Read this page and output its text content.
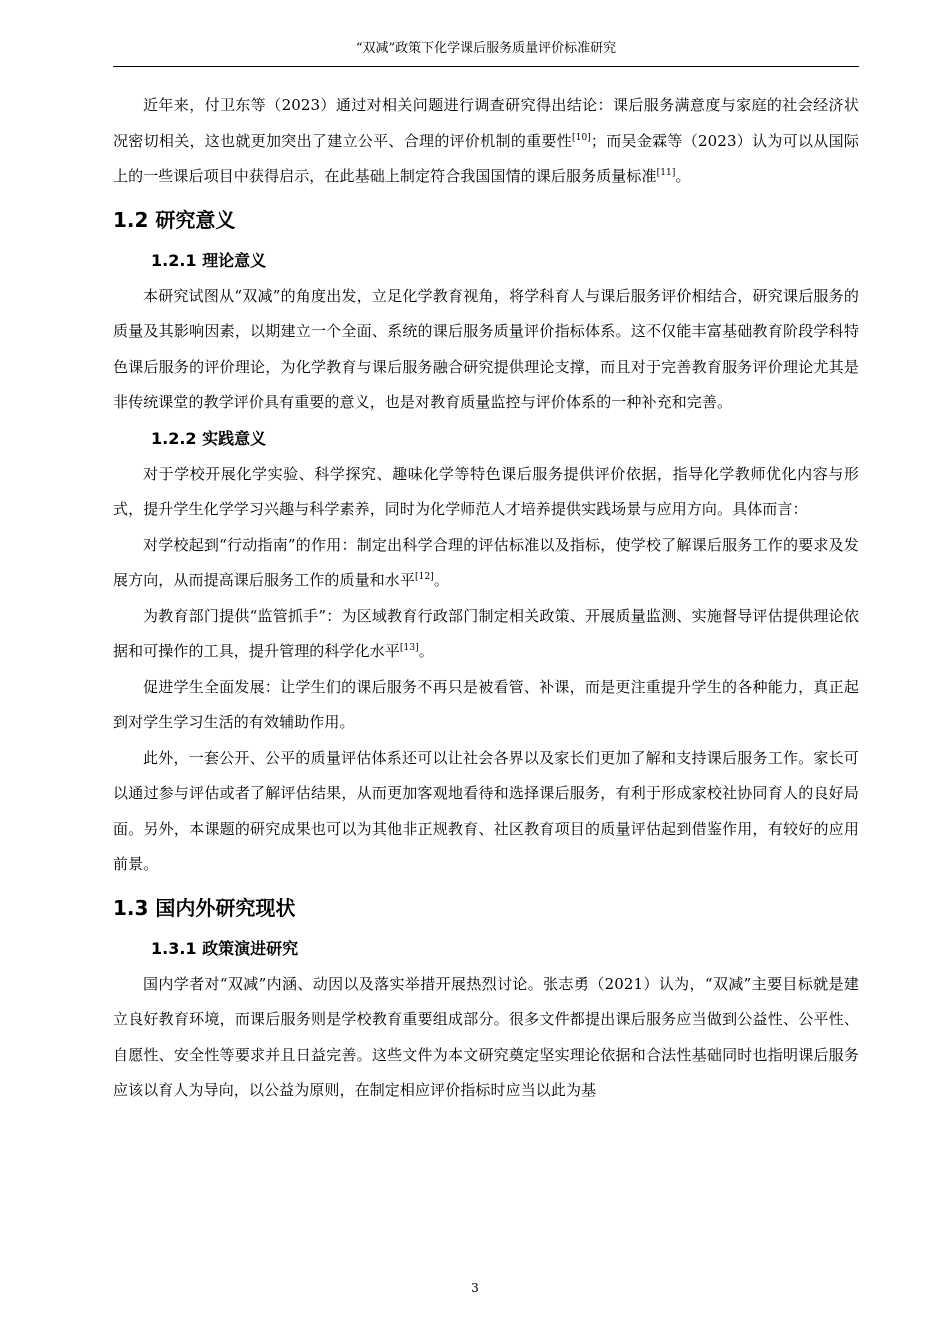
“双减”政策下化学课后服务质量评价标准研究

近年来，付卫东等（2023）通过对相关问题进行调查研究得出结论：课后服务满意度与家庭的社会经济状况密切相关，这也就更加突出了建立公平、合理的评价机制的重要性[10]；而吴金霖等（2023）认为可以从国际上的一些课后项目中获得启示，在此基础上制定符合我国国情的课后服务质量标准[11]。

1.2 研究意义
1.2.1 理论意义

本研究试图从“双减”的角度出发，立足化学教育视角，将学科育人与课后服务评价相结合，研究课后服务的质量及其影响因素，以期建立一个全面、系统的课后服务质量评价指标体系。这不仅能丰富基础教育阶段学科特色课后服务的评价理论，为化学教育与课后服务融合研究提供理论支撑，而且对于完善教育服务评价理论尤其是非传统课堂的教学评价具有重要的意义，也是对教育质量监控与评价体系的一种补充和完善。

1.2.2 实践意义

对于学校开展化学实验、科学探究、趣味化学等特色课后服务提供评价依据，指导化学教师优化内容与形式，提升学生化学学习兴趣与科学素养，同时为化学师范人才培养提供实践场景与应用方向。具体而言：

对学校起到“行动指南”的作用：制定出科学合理的评估标准以及指标，使学校了解课后服务工作的要求及发展方向，从而提高课后服务工作的质量和水平[12]。

为教育部门提供“监管抓手”：为区域教育行政部门制定相关政策、开展质量监测、实施督导评估提供理论依据和可操作的工具，提升管理的科学化水平[13]。

促进学生全面发展：让学生们的课后服务不再只是被看管、补课，而是更注重提升学生的各种能力，真正起到对学生学习生活的有效辅助作用。

此外，一套公开、公平的质量评估体系还可以让社会各界以及家长们更加了解和支持课后服务工作。家长可以通过参与评估或者了解评估结果，从而更加客观地看待和选择课后服务，有利于形成家校社协同育人的良好局面。另外，本课题的研究成果也可以为其他非正规教育、社区教育项目的质量评估起到借鉴作用，有较好的应用前景。

1.3 国内外研究现状
1.3.1 政策演进研究

国内学者对“双减”内涵、动因以及落实举措开展热烈讨论。张志勇（2021）认为，“双减”主要目标就是建立良好教育环境，而课后服务则是学校教育重要组成部分。很多文件都提出课后服务应当做到公益性、公平性、自愿性、安全性等要求并且日益完善。这些文件为本文研究奠定坚实理论依据和合法性基础同时也指明课后服务应该以育人为导向，以公益为原则，在制定相应评价指标时应当以此为基

3
